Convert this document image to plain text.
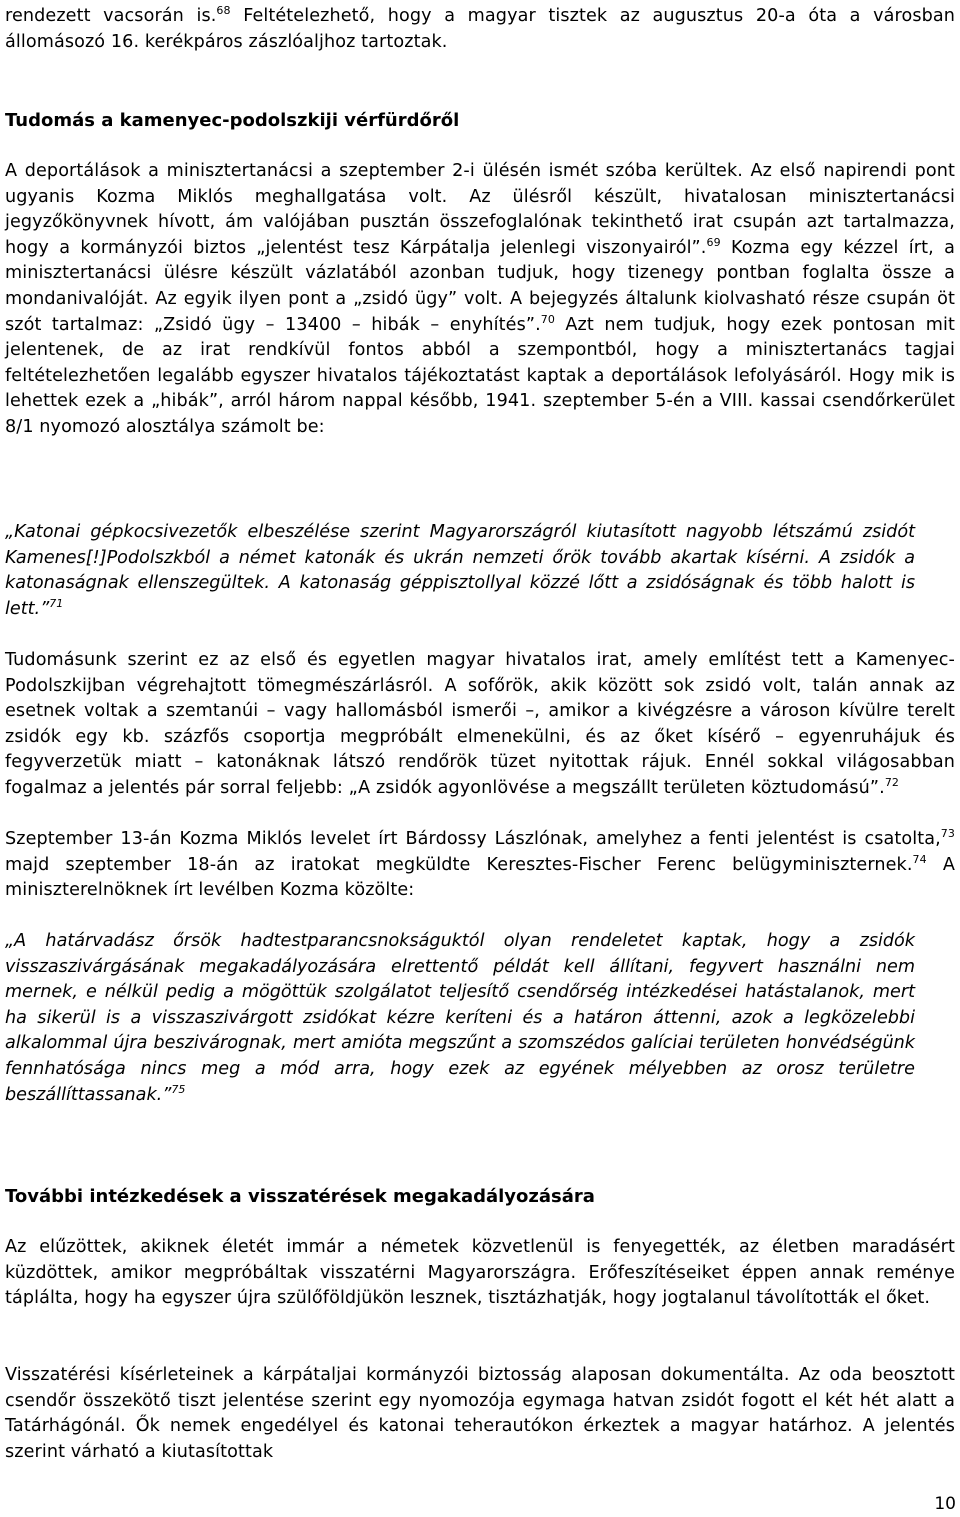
rendezett vacsorán is.$^{68}$ Feltételezhető, hogy a magyar tisztek az augusztus 20-a óta a városban állomásozó 16. kerékpáros zászlóaljhoz tartoztak.

Tudomás a kamenyec-podolszkiji vérfürdőről

A deportálások a minisztertanácsi a szeptember 2-i ülésén ismét szóba kerültek. Az első napirendi pont ugyanis Kozma Miklós meghallgatása volt. Az ülésről készült, hivatalosan minisztertanácsi jegyzőkönyvnek hívott, ám valójában pusztán összefoglalónak tekinthető irat csupán azt tartalmazza, hogy a kormányzói biztos „jelentést tesz Kárpátalja jelenlegi viszonyairól”.$^{69}$ Kozma egy kézzel írt, a minisztertanácsi ülésre készült vázlatából azonban tudjuk, hogy tizenegy pontban foglalta össze a mondanivalóját. Az egyik ilyen pont a „zsidó ügy” volt. A bejegyzés általunk kiolvasható része csupán öt szót tartalmaz: „Zsidó ügy – 13400 – hibák – enyhítés”.$^{70}$ Azt nem tudjuk, hogy ezek pontosan mit jelentenek, de az irat rendkívül fontos abból a szempontból, hogy a minisztertanács tagjai feltételezhetően legalább egyszer hivatalos tájékoztatást kaptak a deportálások lefolyásáról. Hogy mik is lehettek ezek a „hibák”, arról három nappal később, 1941. szeptember 5-én a VIII. kassai csendőrkerület 8/1 nyomozó alosztálya számolt be:

„Katonai gépkocsivezetők elbeszélése szerint Magyarországról kiutasított nagyobb létszámú zsidót Kamenes[!]Podolszkból a német katonák és ukrán nemzeti őrök tovább akartak kísérni. A zsidók a katonaságnak ellenszegültek. A katonaság géppisztollyal közzé lőtt a zsidóságnak és több halott is lett.”$^{71}$

Tudomásunk szerint ez az első és egyetlen magyar hivatalos irat, amely említést tett a Kamenyec-Podolszkijban végrehajtott tömegmészárlásról. A sofőrök, akik között sok zsidó volt, talán annak az esetnek voltak a szemtanúi – vagy hallomásból ismerői –, amikor a kivégzésre a városon kívülre terelt zsidók egy kb. százfős csoportja megpróbált elmenekülni, és az őket kísérő – egyenruhájuk és fegyverzetük miatt – katonáknak látszó rendőrök tüzet nyitottak rájuk. Ennél sokkal világosabban fogalmaz a jelentés pár sorral feljebb: „A zsidók agyonlövése a megszállt területen köztudomású”.$^{72}$

Szeptember 13-án Kozma Miklós levelet írt Bárdossy Lászlónak, amelyhez a fenti jelentést is csatolta,$^{73}$ majd szeptember 18-án az iratokat megküldte Keresztes-Fischer Ferenc belügyminiszternek.$^{74}$ A miniszterelnöknek írt levélben Kozma közölte:

„A határvadász őrsök hadtestparancsnokságuktól olyan rendeletet kaptak, hogy a zsidók visszaszivárgásának megakadályozására elrettentő példát kell állítani, fegyvert használni nem mernek, e nélkül pedig a mögöttük szolgálatot teljesítő csendőrség intézkedései hatástalanok, mert ha sikerül is a visszaszivárgott zsidókat kézre keríteni és a határon áttenni, azok a legközelebbi alkalommal újra beszivárognak, mert amióta megszűnt a szomszédos galíciai területen honvédségünk fennhatósága nincs meg a mód arra, hogy ezek az egyének mélyebben az orosz területre beszállíttassanak.”$^{75}$

További intézkedések a visszatérések megakadályozására

Az elűzöttek, akiknek életét immár a németek közvetlenül is fenyegették, az életben maradásért küzdöttek, amikor megpróbáltak visszatérni Magyarországra. Erőfeszítéseiket éppen annak reménye táplálta, hogy ha egyszer újra szülőföldjükön lesznek, tisztázhatják, hogy jogtalanul távolították el őket.

Visszatérési kísérleteinek a kárpátaljai kormányzói biztosság alaposan dokumentálta. Az oda beosztott csendőr összekötő tiszt jelentése szerint egy nyomozója egymaga hatvan zsidót fogott el két hét alatt a Tatárhágónál. Ők nemek engedélyel és katonai teherautókon érkeztek a magyar határhoz. A jelentés szerint várható a kiutasítottak

10
